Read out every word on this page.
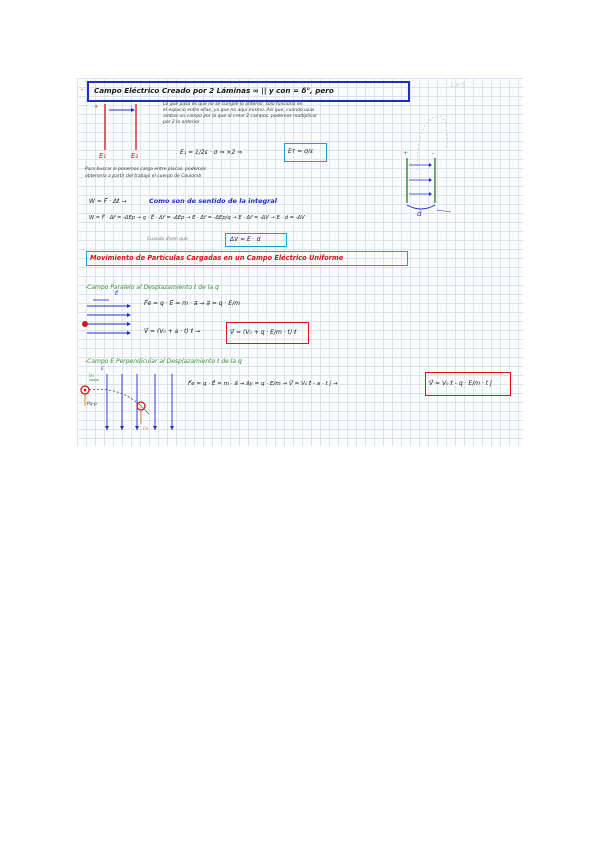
-	Campo Eléctrico Creado por 2 Láminas ∞ || y con = δ°, pero
2,6·5
+	-
E₁	E₂
Lo que pasa es que no se cumple lo anterior, solo funciona en
el espacio entre ellas, ya que no aquí mismo. Así que, cuando usas
ambas un campo por lo que al crear 2 campos, podemos multiplicar
por 2 lo anterior
E₁ = 1/2ε · σ ⇒ ×2 ⇒	Eт = σ/ε	+	-
d
Para buscar si ponemos carga entre placas, podemos
obtenerla a partir del trabajo el cuerpo de Coulomb
W = F⃗ · Δℓ⃗ →	Como son de sentido de la integral
W = F⃗ · Δr⃗ = -ΔEp → q · E⃗ · Δr⃗ = -ΔEp → E · Δr⃗ = -ΔEp/q → E · Δr⃗ = -ΔV → E · d = -ΔV
Cuando dicen que	ΔV = E · d
Movimiento de Partículas Cargadas en un Campo Eléctrico Uniforme
-Campo Paralelo al Desplazamiento ℓ de la q
E⃗
F⃗e = q · E⃗ = m · a⃗ → a⃗ = q · E/m
V⃗ = (V₀ + a · t) ℓ⃗ →	V⃗ = (V₀ + q · E/m · t) ℓ⃗
-Campo E Perpendicular al Desplazamiento ℓ de la q
V₀
E
Fe
Pq·p
F⃗e = q · E⃗ = m · a⃗ → a⃗y = q · E/m → V⃗ = V₀ ℓ⃗ - a · t ĵ →	V⃗ = V₀ ℓ⃗ - q · E/m · t ĵ
